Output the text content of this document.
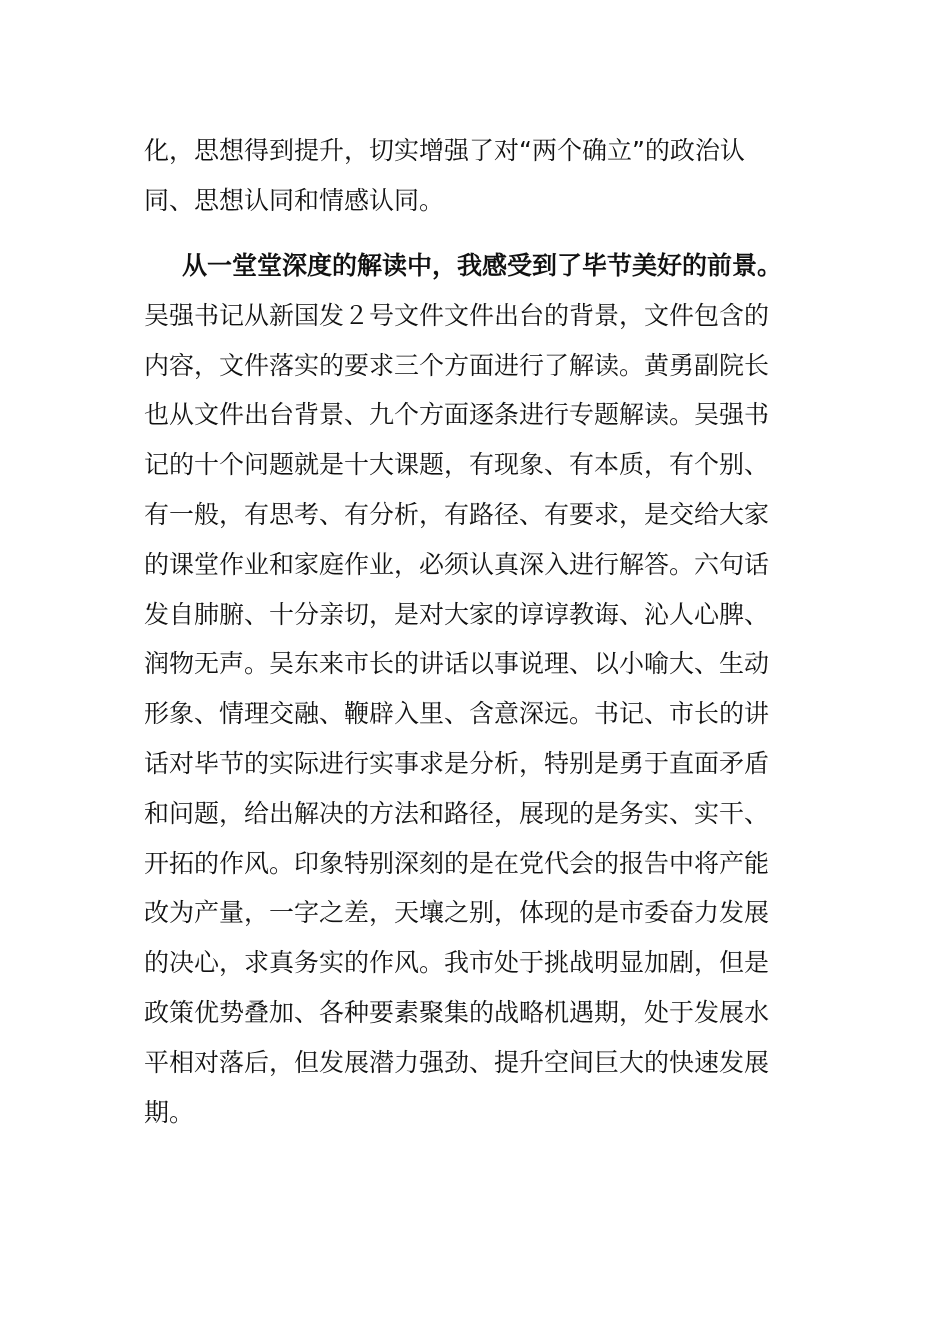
化，思想得到提升，切实增强了对“两个确立”的政治认
同、思想认同和情感认同。
从一堂堂深度的解读中，我感受到了毕节美好的前景。
吴强书记从新国发２号文件文件出台的背景，文件包含的
内容，文件落实的要求三个方面进行了解读。黄勇副院长
也从文件出台背景、九个方面逐条进行专题解读。吴强书
记的十个问题就是十大课题，有现象、有本质，有个别、
有一般，有思考、有分析，有路径、有要求，是交给大家
的课堂作业和家庭作业，必须认真深入进行解答。六句话
发自肺腑、十分亲切，是对大家的谆谆教诲、沁人心脾、
润物无声。吴东来市长的讲话以事说理、以小喻大、生动
形象、情理交融、鞭辟入里、含意深远。书记、市长的讲
话对毕节的实际进行实事求是分析，特别是勇于直面矛盾
和问题，给出解决的方法和路径，展现的是务实、实干、
开拓的作风。印象特别深刻的是在党代会的报告中将产能
改为产量，一字之差，天壤之别，体现的是市委奋力发展
的决心，求真务实的作风。我市处于挑战明显加剧，但是
政策优势叠加、各种要素聚集的战略机遇期，处于发展水
平相对落后，但发展潜力强劲、提升空间巨大的快速发展
期。
